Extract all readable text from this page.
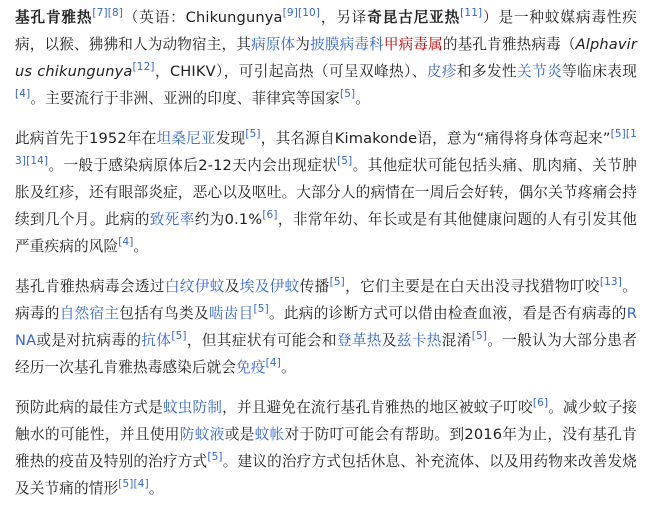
基孔肯雅热[7][8]（英语：Chikungunya[9][10]，另译奇昆古尼亚热[11]）是一种蚊媒病毒性疾病，以猴、狒狒和人为动物宿主，其病原体为披膜病毒科甲病毒属的基孔肯雅热病毒（Alphavirus chikungunya[12]，CHIKV），可引起高热（可呈双峰热）、皮疹和多发性关节炎等临床表现[4]。主要流行于非洲、亚洲的印度、菲律宾等国家[5]。

此病首先于1952年在坦桑尼亚发现[5]，其名源自Kimakonde语，意为“痛得将身体弯起来”[5][13][14]。一般于感染病原体后2-12天内会出现症状[5]。其他症状可能包括头痛、肌肉痛、关节肿胀及红疹，还有眼部炎症，恶心以及呕吐。大部分人的病情在一周后会好转，偶尔关节疼痛会持续到几个月。此病的致死率约为0.1%[6]，非常年幼、年长或是有其他健康问题的人有引发其他严重疾病的风险[4]。

基孔肯雅热病毒会透过白纹伊蚊及埃及伊蚊传播[5]，它们主要是在白天出没寻找猎物叮咬[13]。病毒的自然宿主包括有鸟类及啮齿目[5]。此病的诊断方式可以借由检查血液，看是否有病毒的RNA或是对抗病毒的抗体[5]，但其症状有可能会和登革热及兹卡热混淆[5]。一般认为大部分患者经历一次基孔肯雅热毒感染后就会免疫[4]。

预防此病的最佳方式是蚊虫防制，并且避免在流行基孔肯雅热的地区被蚊子叮咬[6]。减少蚊子接触水的可能性，并且使用防蚊液或是蚊帐对于防叮可能会有帮助。到2016年为止，没有基孔肯雅热的疫苗及特别的治疗方式[5]。建议的治疗方式包括休息、补充流体、以及用药物来改善发烧及关节痛的情形[5][4]。
